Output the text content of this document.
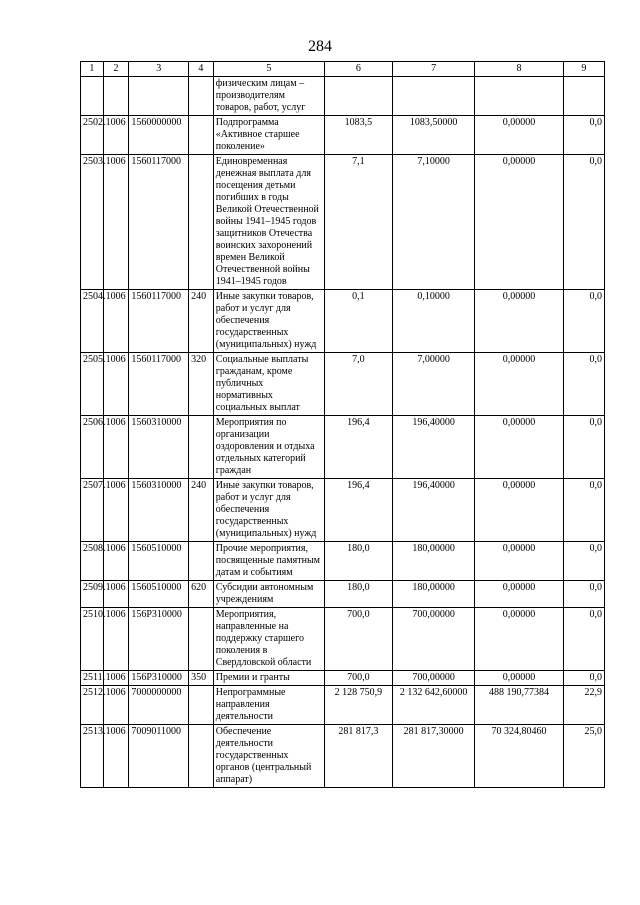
284
1	2	3	4	5	6	7	8	9
				физическим лицам – производителям товаров, работ, услуг				
2502.	1006	1560000000		Подпрограмма «Активное старшее поколение»	1083,5	1083,50000	0,00000	0,0
2503.	1006	1560117000		Единовременная денежная выплата для посещения детьми погибших в годы Великой Отечественной войны 1941–1945 годов защитников Отечества воинских захоронений времен Великой Отечественной войны 1941–1945 годов	7,1	7,10000	0,00000	0,0
2504.	1006	1560117000	240	Иные закупки товаров, работ и услуг для обеспечения государственных (муниципальных) нужд	0,1	0,10000	0,00000	0,0
2505.	1006	1560117000	320	Социальные выплаты гражданам, кроме публичных нормативных социальных выплат	7,0	7,00000	0,00000	0,0
2506.	1006	1560310000		Мероприятия по организации оздоровления и отдыха отдельных категорий граждан	196,4	196,40000	0,00000	0,0
2507.	1006	1560310000	240	Иные закупки товаров, работ и услуг для обеспечения государственных (муниципальных) нужд	196,4	196,40000	0,00000	0,0
2508.	1006	1560510000		Прочие мероприятия, посвященные памятным датам и событиям	180,0	180,00000	0,00000	0,0
2509.	1006	1560510000	620	Субсидии автономным учреждениям	180,0	180,00000	0,00000	0,0
2510.	1006	156P310000		Мероприятия, направленные на поддержку старшего поколения в Свердловской области	700,0	700,00000	0,00000	0,0
2511.	1006	156P310000	350	Премии и гранты	700,0	700,00000	0,00000	0,0
2512.	1006	7000000000		Непрограммные направления деятельности	2 128 750,9	2 132 642,60000	488 190,77384	22,9
2513.	1006	7009011000		Обеспечение деятельности государственных органов (центральный аппарат)	281 817,3	281 817,30000	70 324,80460	25,0
